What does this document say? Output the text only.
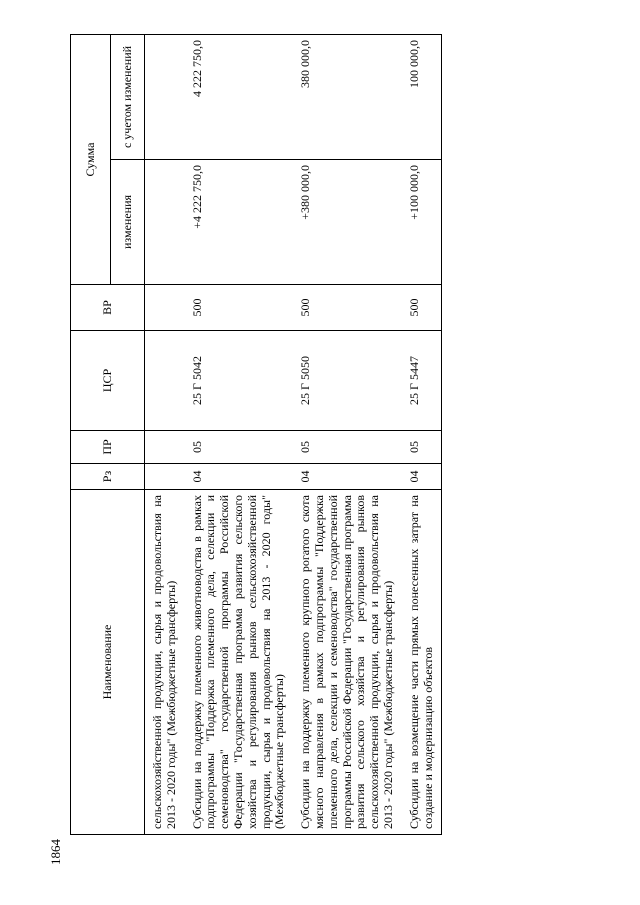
1864
Наименование	Рз	ПР	ЦСР	ВР	Сумма	
					изменения	с учетом изменений
сельскохозяйственной продукции, сырья и продовольствия на 2013 - 2020 годы" (Межбюджетные трансферты)						
Субсидии на поддержку племенного животноводства в рамках подпрограммы "Поддержка племенного дела, селекции и семеноводства" государственной программы Российской Федерации "Государственная программа развития сельского хозяйства и регулирования рынков сельскохозяйственной продукции, сырья и продовольствия на 2013 - 2020 годы" (Межбюджетные трансферты)	04	05	25 Г 5042	500	+4 222 750,0	4 222 750,0
Субсидии на поддержку племенного крупного рогатого скота мясного направления в рамках подпрограммы "Поддержка племенного дела, селекции и семеноводства" государственной программы Российской Федерации "Государственная программа развития сельского хозяйства и регулирования рынков сельскохозяйственной продукции, сырья и продовольствия на 2013 - 2020 годы" (Межбюджетные трансферты)	04	05	25 Г 5050	500	+380 000,0	380 000,0
Субсидии на возмещение части прямых понесенных затрат на создание и модернизацию объектов	04	05	25 Г 5447	500	+100 000,0	100 000,0
